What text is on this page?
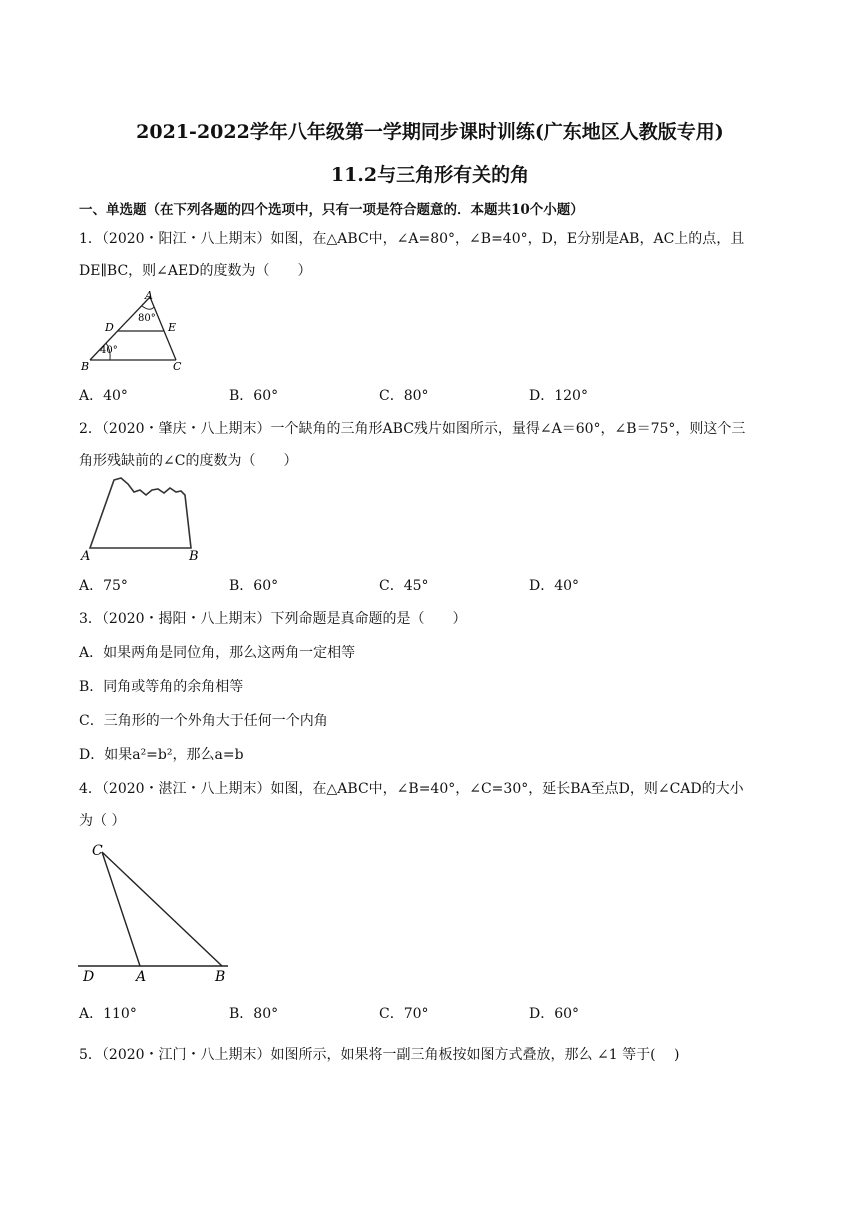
2021-2022学年八年级第一学期同步课时训练(广东地区人教版专用)
11.2与三角形有关的角
一、单选题（在下列各题的四个选项中，只有一项是符合题意的．本题共10个小题）
1．（2020・阳江・八上期末）如图，在△ABC中，∠A=80°，∠B=40°，D，E分别是AB，AC上的点，且
DE∥BC，则∠AED的度数为（　　）
A
B	C
D	E
80°
40°
A．40°	B．60°	C．80°	D．120°
2．（2020・肇庆・八上期末）一个缺角的三角形ABC残片如图所示，量得∠A＝60°，∠B＝75°，则这个三
角形残缺前的∠C的度数为（　　）
A	B
A．75°	B．60°	C．45°	D．40°
3．（2020・揭阳・八上期末）下列命题是真命题的是（　　）
A．如果两角是同位角，那么这两角一定相等
B．同角或等角的余角相等
C．三角形的一个外角大于任何一个内角
D．如果a²=b²，那么a=b
4．（2020・湛江・八上期末）如图，在△ABC中，∠B=40°，∠C=30°，延长BA至点D，则∠CAD的大小
为（ ）
C
D	A	B
A．110°	B．80°	C．70°	D．60°
5．（2020・江门・八上期末）如图所示，如果将一副三角板按如图方式叠放，那么 ∠1 等于(　 )
